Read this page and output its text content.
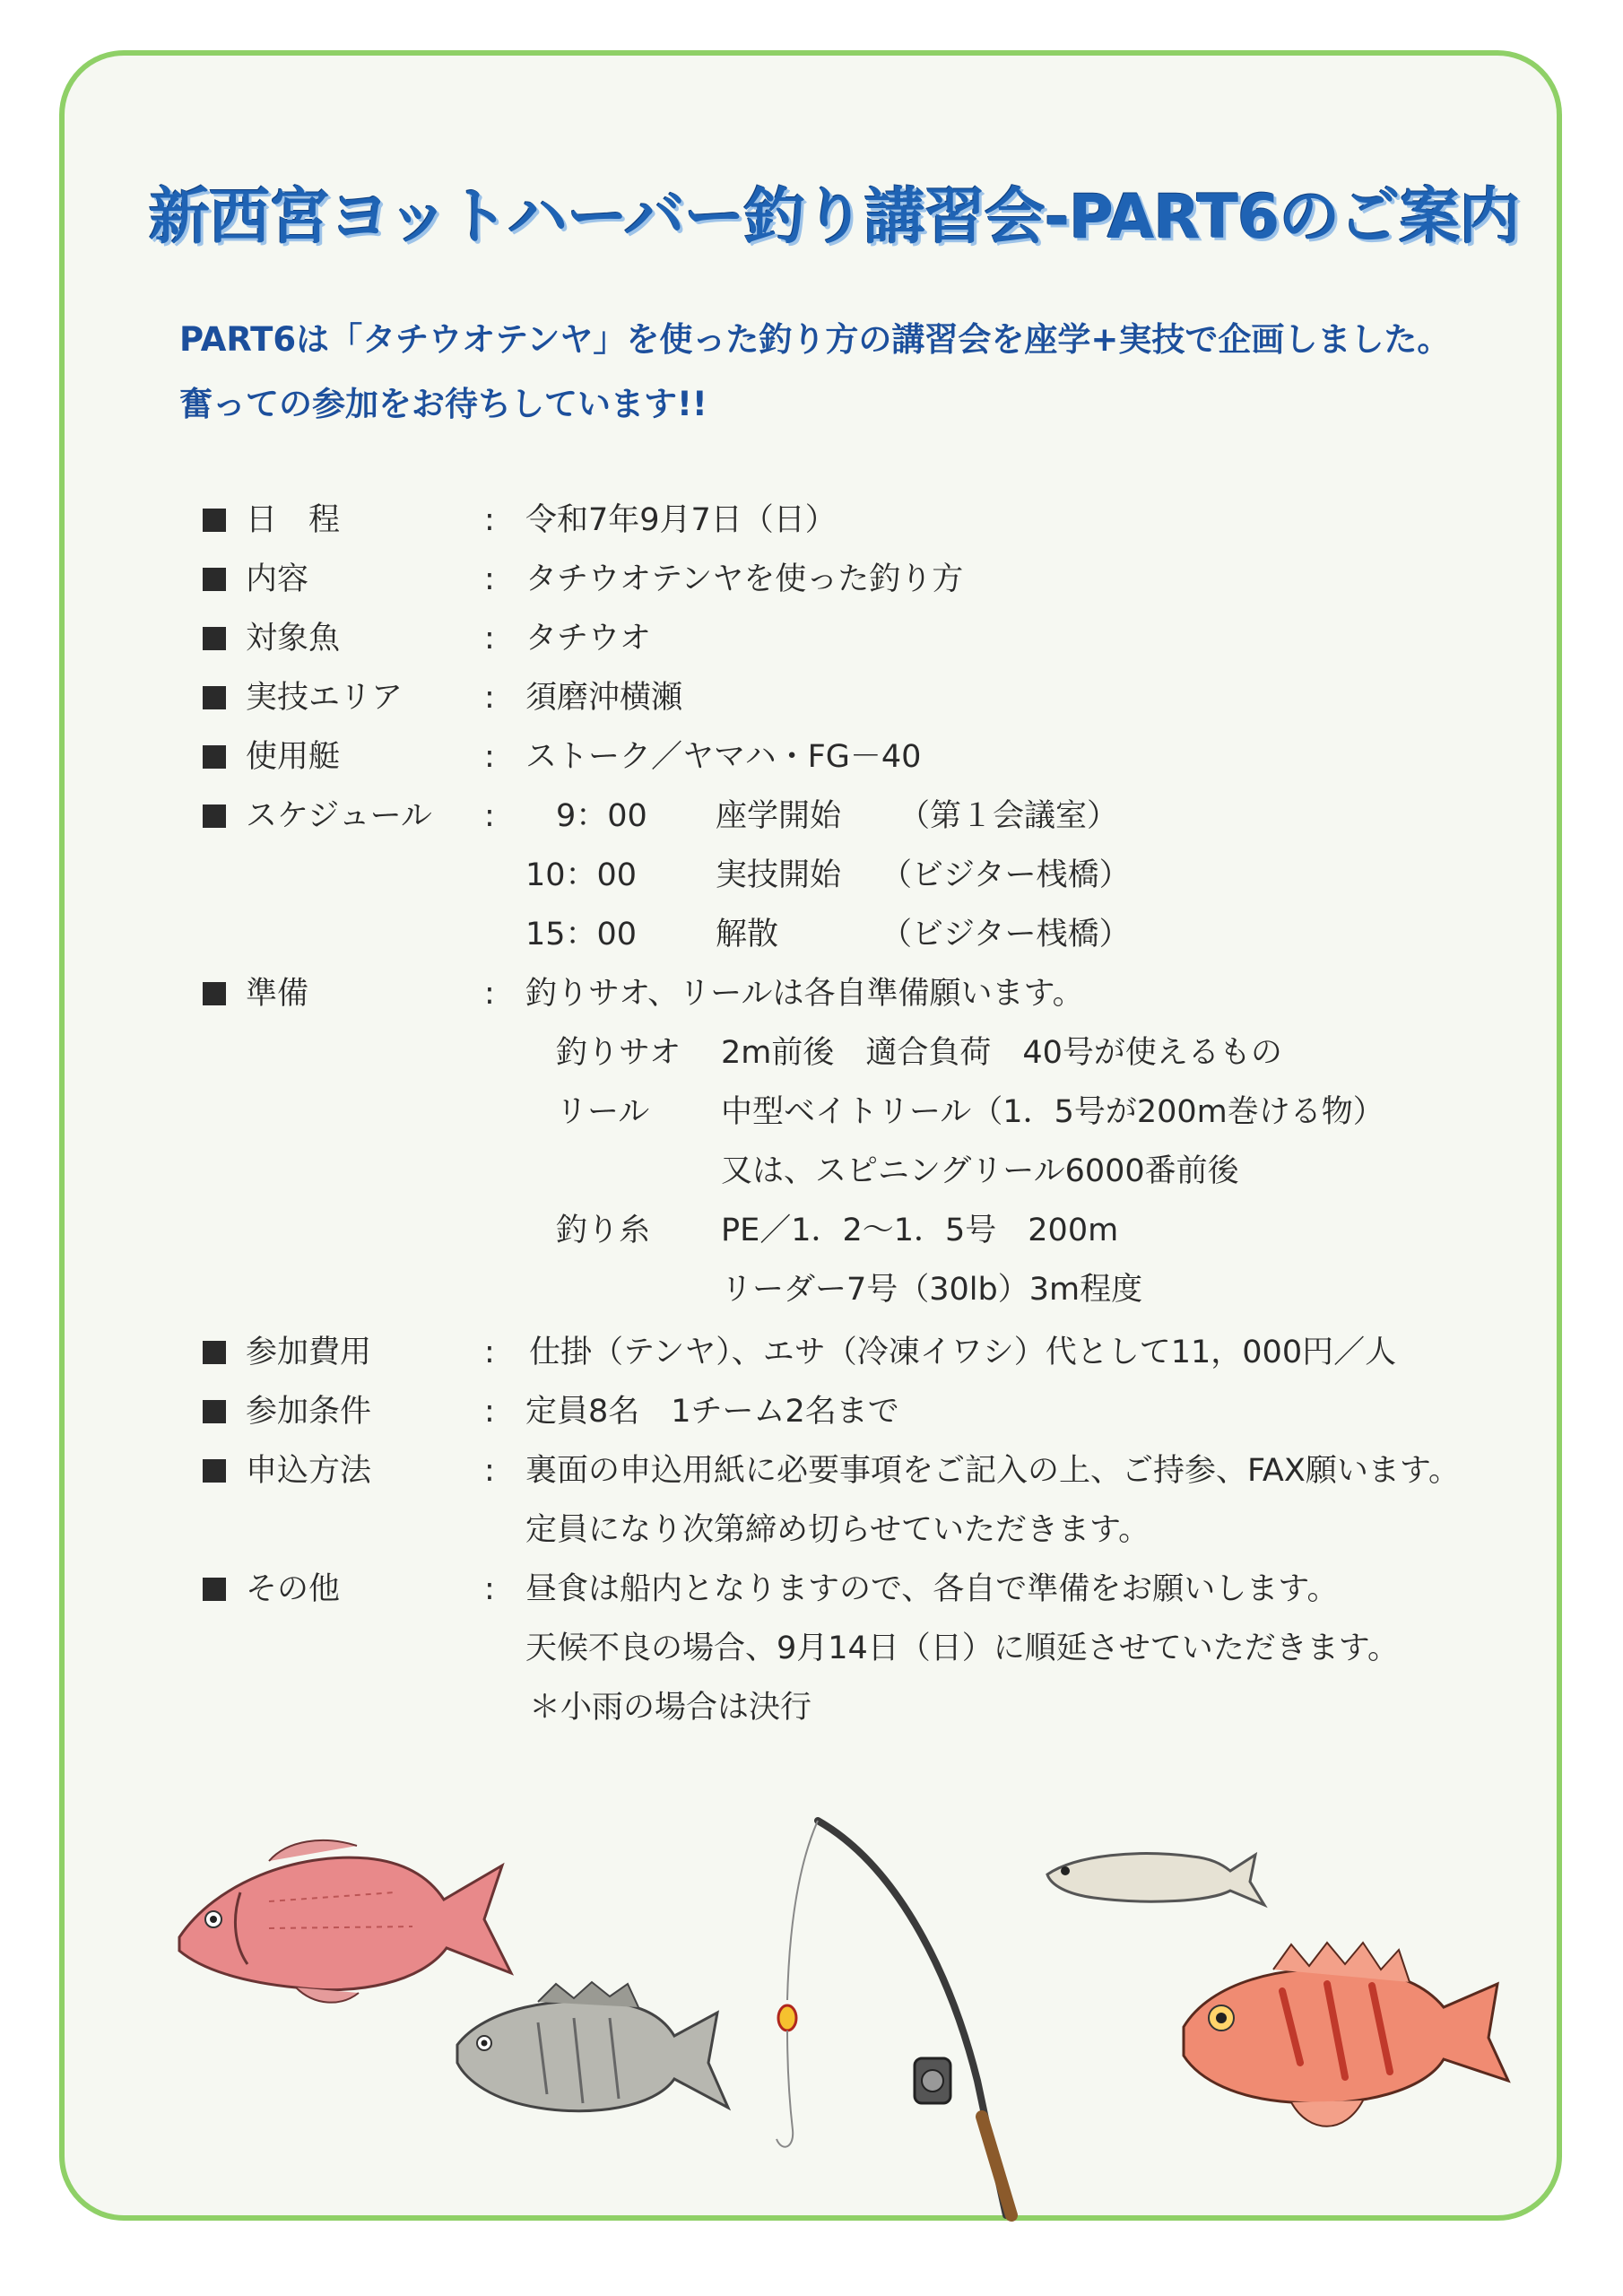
新西宮ヨットハーバー釣り講習会-PART6のご案内

PART6は「タチウオテンヤ」を使った釣り方の講習会を座学+実技で企画しました。

奮っての参加をお待ちしています!!

日　程	: 令和7年9月7日（日）
内容	: タチウオテンヤを使った釣り方
対象魚	: タチウオ
実技エリア	: 須磨沖横瀬
使用艇	: ストーク／ヤマハ・FG－40
スケジュール : 9：00 座学開始 （第１会議室）
10：00	実技開始 （ビジター桟橋）
15：00	解散	（ビジター桟橋）
準備	: 釣りサオ、リールは各自準備願います。
釣りサオ 2m前後　適合負荷　40号が使えるもの
リール 中型ベイトリール（1．5号が200m巻ける物）
又は、スピニングリール6000番前後
釣り糸 PE／1．2～1．5号　200m
リーダー7号（30lb）3m程度
参加費用	: 仕掛（テンヤ）、エサ（冷凍イワシ）代として11，000円／人
参加条件	: 定員8名　1チーム2名まで
申込方法	: 裏面の申込用紙に必要事項をご記入の上、ご持参、FAX願います。
定員になり次第締め切らせていただきます。
その他	: 昼食は船内となりますので、各自で準備をお願いします。
天候不良の場合、9月14日（日）に順延させていただきます。
＊小雨の場合は決行
